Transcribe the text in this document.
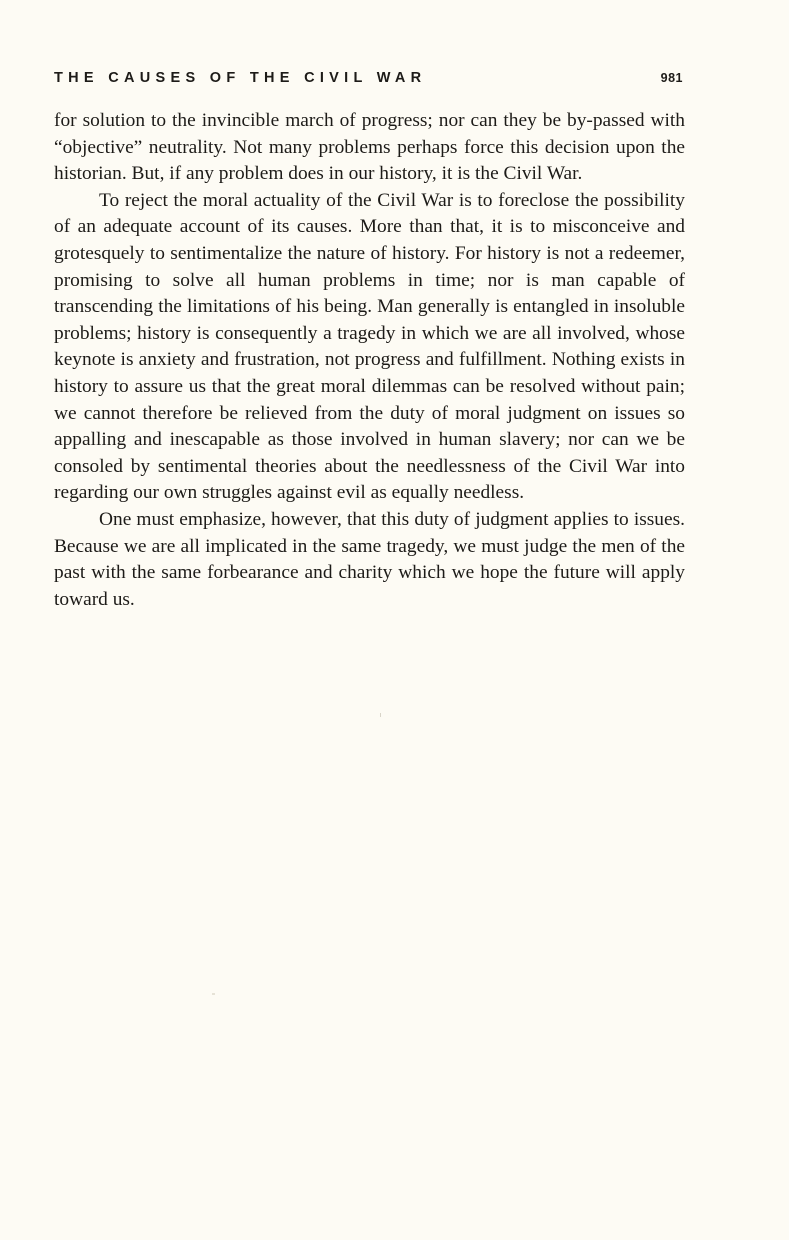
THE CAUSES OF THE CIVIL WAR	981

for solution to the invincible march of progress; nor can they be by-passed with “objective” neutrality. Not many problems perhaps force this decision upon the historian. But, if any problem does in our history, it is the Civil War.

To reject the moral actuality of the Civil War is to foreclose the possibility of an adequate account of its causes. More than that, it is to misconceive and grotesquely to sentimentalize the nature of history. For history is not a redeemer, promising to solve all human problems in time; nor is man capable of transcending the limitations of his being. Man generally is entangled in insoluble problems; history is consequently a tragedy in which we are all involved, whose keynote is anxiety and frustration, not progress and fulfillment. Nothing exists in history to assure us that the great moral dilemmas can be resolved without pain; we cannot therefore be relieved from the duty of moral judgment on issues so appalling and inescapable as those involved in human slavery; nor can we be consoled by sentimental theories about the needlessness of the Civil War into regarding our own struggles against evil as equally needless.

One must emphasize, however, that this duty of judgment applies to issues. Because we are all implicated in the same tragedy, we must judge the men of the past with the same forbearance and charity which we hope the future will apply toward us.
